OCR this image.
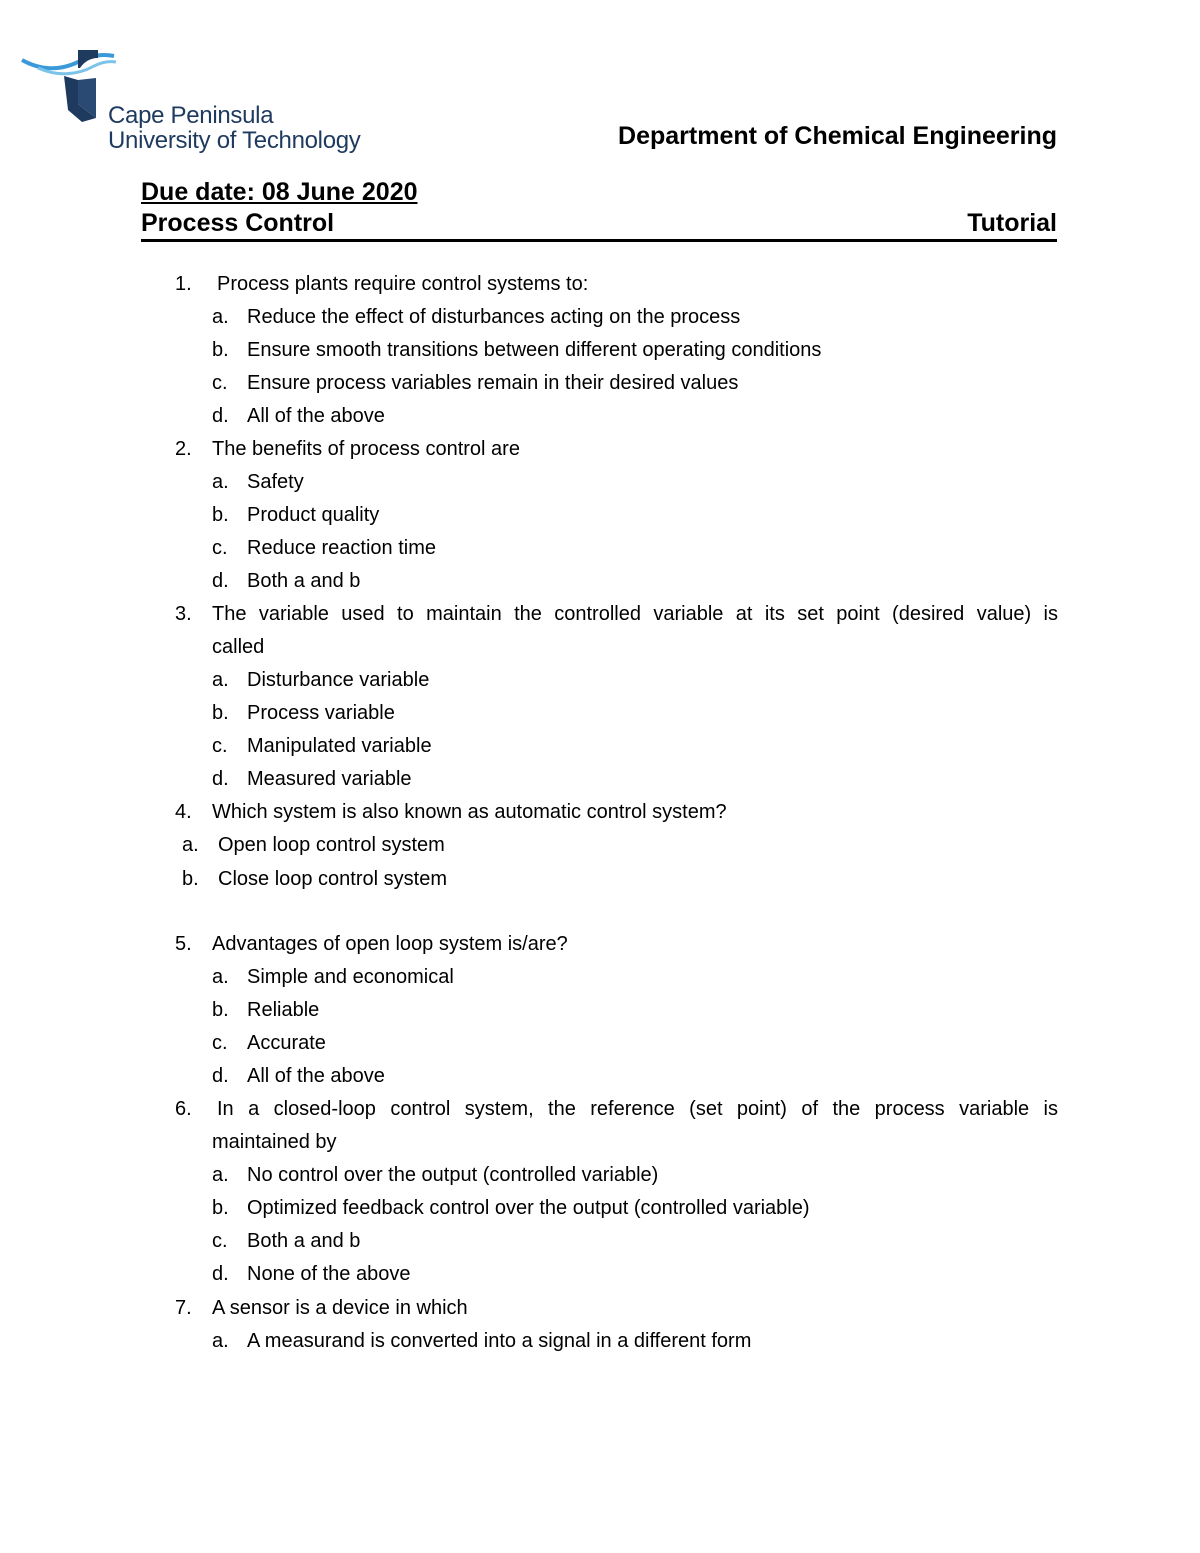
Cape Peninsula
University of Technology	Department of Chemical Engineering
Due date: 08 June 2020
Process Control	Tutorial
1. Process plants require control systems to:
a. Reduce the effect of disturbances acting on the process
b. Ensure smooth transitions between different operating conditions
c. Ensure process variables remain in their desired values
d. All of the above
2. The benefits of process control are
a. Safety
b. Product quality
c. Reduce reaction time
d. Both a and b
3. The variable used to maintain the controlled variable at its set point (desired value) is
called
a. Disturbance variable
b. Process variable
c. Manipulated variable
d. Measured variable
4. Which system is also known as automatic control system?
a. Open loop control system
b. Close loop control system
5. Advantages of open loop system is/are?
a. Simple and economical
b. Reliable
c. Accurate
d. All of the above
6. In a closed-loop control system, the reference (set point) of the process variable is
maintained by
a. No control over the output (controlled variable)
b. Optimized feedback control over the output (controlled variable)
c. Both a and b
d. None of the above
7. A sensor is a device in which
a. A measurand is converted into a signal in a different form
